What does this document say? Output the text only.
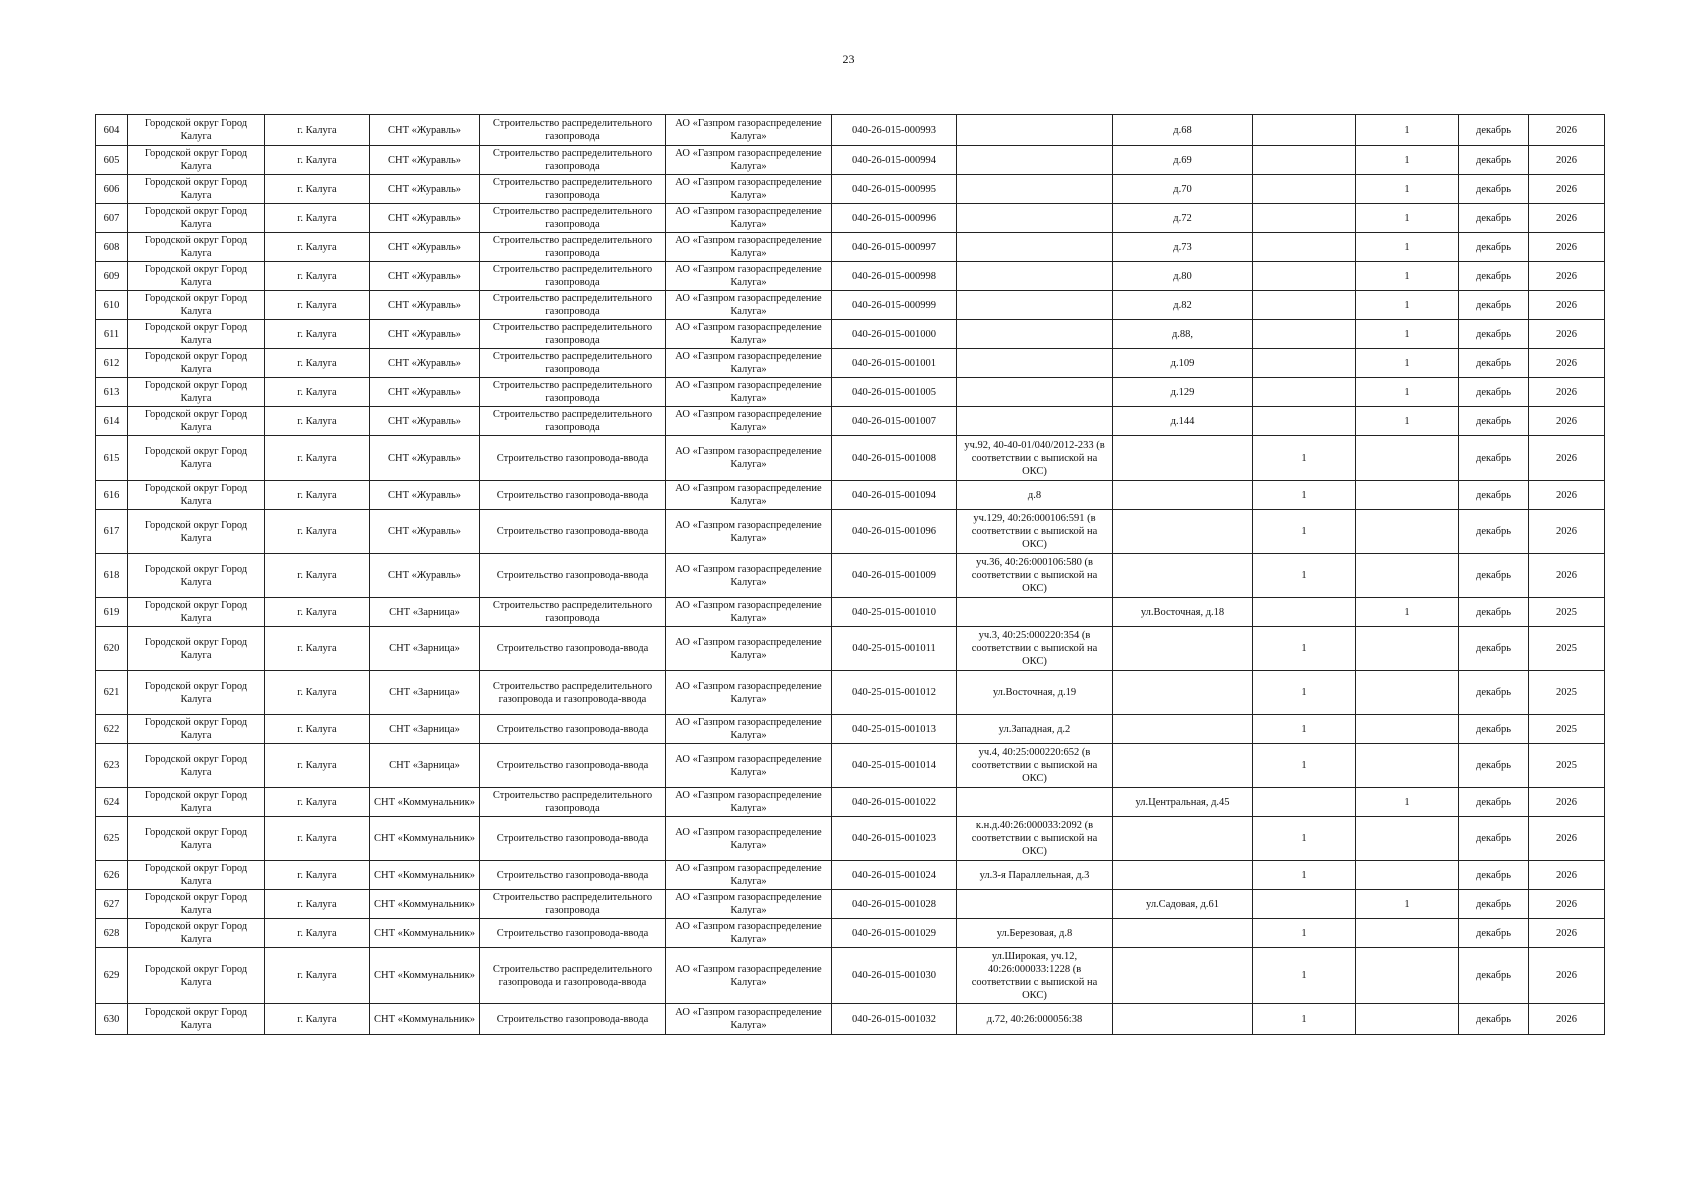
23
604	Городской округ Город Калуга	г. Калуга	СНТ «Журавль»	Строительство распределительного газопровода	АО «Газпром газораспределение Калуга»	040-26-015-000993		д.68		1	декабрь	2026
605	Городской округ Город Калуга	г. Калуга	СНТ «Журавль»	Строительство распределительного газопровода	АО «Газпром газораспределение Калуга»	040-26-015-000994		д.69		1	декабрь	2026
606	Городской округ Город Калуга	г. Калуга	СНТ «Журавль»	Строительство распределительного газопровода	АО «Газпром газораспределение Калуга»	040-26-015-000995		д.70		1	декабрь	2026
607	Городской округ Город Калуга	г. Калуга	СНТ «Журавль»	Строительство распределительного газопровода	АО «Газпром газораспределение Калуга»	040-26-015-000996		д.72		1	декабрь	2026
608	Городской округ Город Калуга	г. Калуга	СНТ «Журавль»	Строительство распределительного газопровода	АО «Газпром газораспределение Калуга»	040-26-015-000997		д.73		1	декабрь	2026
609	Городской округ Город Калуга	г. Калуга	СНТ «Журавль»	Строительство распределительного газопровода	АО «Газпром газораспределение Калуга»	040-26-015-000998		д.80		1	декабрь	2026
610	Городской округ Город Калуга	г. Калуга	СНТ «Журавль»	Строительство распределительного газопровода	АО «Газпром газораспределение Калуга»	040-26-015-000999		д.82		1	декабрь	2026
611	Городской округ Город Калуга	г. Калуга	СНТ «Журавль»	Строительство распределительного газопровода	АО «Газпром газораспределение Калуга»	040-26-015-001000		д.88,		1	декабрь	2026
612	Городской округ Город Калуга	г. Калуга	СНТ «Журавль»	Строительство распределительного газопровода	АО «Газпром газораспределение Калуга»	040-26-015-001001		д.109		1	декабрь	2026
613	Городской округ Город Калуга	г. Калуга	СНТ «Журавль»	Строительство распределительного газопровода	АО «Газпром газораспределение Калуга»	040-26-015-001005		д.129		1	декабрь	2026
614	Городской округ Город Калуга	г. Калуга	СНТ «Журавль»	Строительство распределительного газопровода	АО «Газпром газораспределение Калуга»	040-26-015-001007		д.144		1	декабрь	2026
615	Городской округ Город Калуга	г. Калуга	СНТ «Журавль»	Строительство газопровода-ввода	АО «Газпром газораспределение Калуга»	040-26-015-001008	уч.92, 40-40-01/040/2012-233 (в соответствии с выпиской на ОКС)		1		декабрь	2026
616	Городской округ Город Калуга	г. Калуга	СНТ «Журавль»	Строительство газопровода-ввода	АО «Газпром газораспределение Калуга»	040-26-015-001094	д.8		1		декабрь	2026
617	Городской округ Город Калуга	г. Калуга	СНТ «Журавль»	Строительство газопровода-ввода	АО «Газпром газораспределение Калуга»	040-26-015-001096	уч.129, 40:26:000106:591 (в соответствии с выпиской на ОКС)		1		декабрь	2026
618	Городской округ Город Калуга	г. Калуга	СНТ «Журавль»	Строительство газопровода-ввода	АО «Газпром газораспределение Калуга»	040-26-015-001009	уч.36, 40:26:000106:580 (в соответствии с выпиской на ОКС)		1		декабрь	2026
619	Городской округ Город Калуга	г. Калуга	СНТ «Зарница»	Строительство распределительного газопровода	АО «Газпром газораспределение Калуга»	040-25-015-001010		ул.Восточная, д.18		1	декабрь	2025
620	Городской округ Город Калуга	г. Калуга	СНТ «Зарница»	Строительство газопровода-ввода	АО «Газпром газораспределение Калуга»	040-25-015-001011	уч.3, 40:25:000220:354 (в соответствии с выпиской на ОКС)		1		декабрь	2025
621	Городской округ Город Калуга	г. Калуга	СНТ «Зарница»	Строительство распределительного газопровода и газопровода-ввода	АО «Газпром газораспределение Калуга»	040-25-015-001012	ул.Восточная, д.19		1		декабрь	2025
622	Городской округ Город Калуга	г. Калуга	СНТ «Зарница»	Строительство газопровода-ввода	АО «Газпром газораспределение Калуга»	040-25-015-001013	ул.Западная, д.2		1		декабрь	2025
623	Городской округ Город Калуга	г. Калуга	СНТ «Зарница»	Строительство газопровода-ввода	АО «Газпром газораспределение Калуга»	040-25-015-001014	уч.4, 40:25:000220:652 (в соответствии с выпиской на ОКС)		1		декабрь	2025
624	Городской округ Город Калуга	г. Калуга	СНТ «Коммунальник»	Строительство распределительного газопровода	АО «Газпром газораспределение Калуга»	040-26-015-001022		ул.Центральная, д.45		1	декабрь	2026
625	Городской округ Город Калуга	г. Калуга	СНТ «Коммунальник»	Строительство газопровода-ввода	АО «Газпром газораспределение Калуга»	040-26-015-001023	к.н.д.40:26:000033:2092 (в соответствии с выпиской на ОКС)		1		декабрь	2026
626	Городской округ Город Калуга	г. Калуга	СНТ «Коммунальник»	Строительство газопровода-ввода	АО «Газпром газораспределение Калуга»	040-26-015-001024	ул.3-я Параллельная, д.3		1		декабрь	2026
627	Городской округ Город Калуга	г. Калуга	СНТ «Коммунальник»	Строительство распределительного газопровода	АО «Газпром газораспределение Калуга»	040-26-015-001028		ул.Садовая, д.61		1	декабрь	2026
628	Городской округ Город Калуга	г. Калуга	СНТ «Коммунальник»	Строительство газопровода-ввода	АО «Газпром газораспределение Калуга»	040-26-015-001029	ул.Березовая, д.8		1		декабрь	2026
629	Городской округ Город Калуга	г. Калуга	СНТ «Коммунальник»	Строительство распределительного газопровода и газопровода-ввода	АО «Газпром газораспределение Калуга»	040-26-015-001030	ул.Широкая, уч.12, 40:26:000033:1228 (в соответствии с выпиской на ОКС)		1		декабрь	2026
630	Городской округ Город Калуга	г. Калуга	СНТ «Коммунальник»	Строительство газопровода-ввода	АО «Газпром газораспределение Калуга»	040-26-015-001032	д.72, 40:26:000056:38		1		декабрь	2026
